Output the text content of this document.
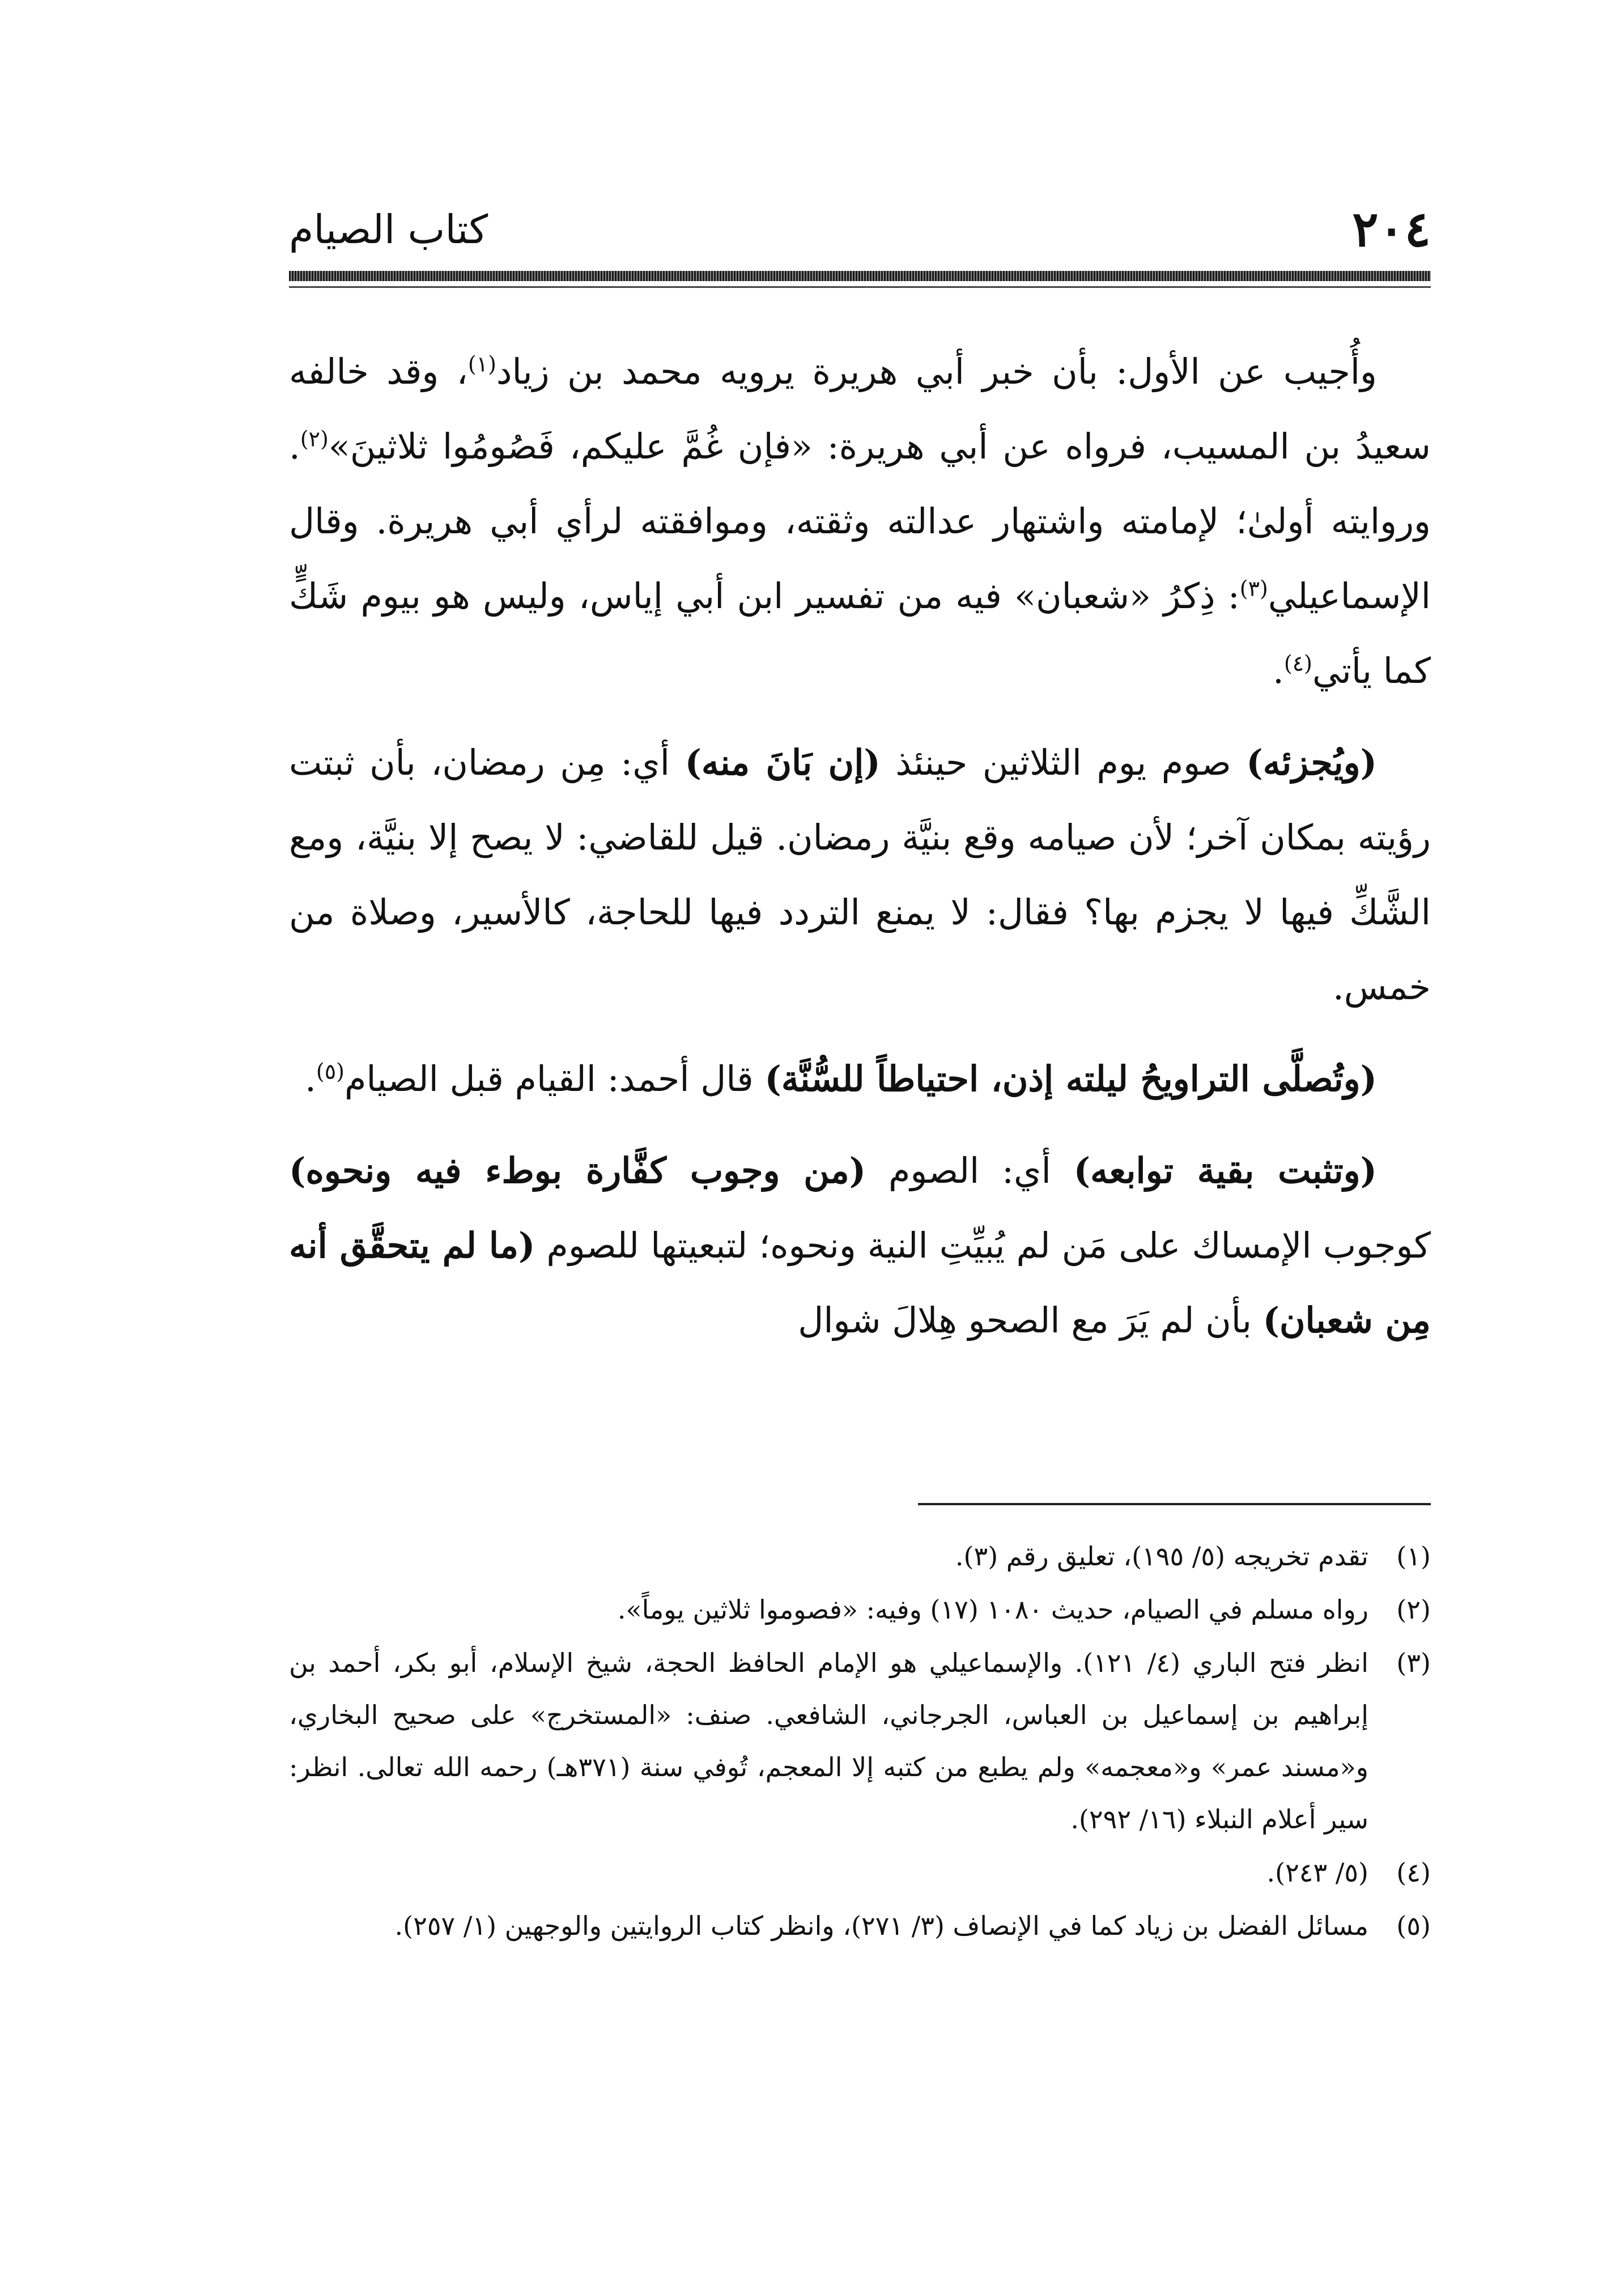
٢٠٤
كتاب الصيام

وأُجيب عن الأول: بأن خبر أبي هريرة يرويه محمد بن زياد$^{(١)}$، وقد خالفه سعيدُ بن المسيب، فرواه عن أبي هريرة: «فإن غُمَّ عليكم، فَصُومُوا ثلاثينَ»$^{(٢)}$. وروايته أولىٰ؛ لإمامته واشتهار عدالته وثقته، وموافقته لرأي أبي هريرة. وقال الإسماعيلي$^{(٣)}$: ذِكرُ «شعبان» فيه من تفسير ابن أبي إياس، وليس هو بيوم شَكٍّ كما يأتي$^{(٤)}$.

(ويُجزئه) صوم يوم الثلاثين حينئذ (إن بَانَ منه) أي: مِن رمضان، بأن ثبتت رؤيته بمكان آخر؛ لأن صيامه وقع بنيَّة رمضان. قيل للقاضي: لا يصح إلا بنيَّة، ومع الشَّكِّ فيها لا يجزم بها؟ فقال: لا يمنع التردد فيها للحاجة، كالأسير، وصلاة من خمس.

(وتُصلَّى التراويحُ ليلته إذن، احتياطاً للسُّنَّة) قال أحمد: القيام قبل الصيام$^{(٥)}$.

(وتثبت بقية توابعه) أي: الصوم (من وجوب كفَّارة بوطء فيه ونحوه) كوجوب الإمساك على مَن لم يُبيِّتِ النية ونحوه؛ لتبعيتها للصوم (ما لم يتحقَّق أنه مِن شعبان) بأن لم يَرَ مع الصحو هِلالَ شوال

(١)
تقدم تخريجه (٥/ ١٩٥)، تعليق رقم (٣).
(٢)
رواه مسلم في الصيام، حديث ١٠٨٠ (١٧) وفيه: «فصوموا ثلاثين يوماً».
(٣)
انظر فتح الباري (٤/ ١٢١). والإسماعيلي هو الإمام الحافظ الحجة، شيخ الإسلام، أبو بكر، أحمد بن إبراهيم بن إسماعيل بن العباس، الجرجاني، الشافعي. صنف: «المستخرج» على صحيح البخاري، و«مسند عمر» و«معجمه» ولم يطبع من كتبه إلا المعجم، تُوفي سنة (٣٧١هـ) رحمه الله تعالى. انظر: سير أعلام النبلاء (١٦/ ٢٩٢).
(٤)
(٥/ ٢٤٣).
(٥)
مسائل الفضل بن زياد كما في الإنصاف (٣/ ٢٧١)، وانظر كتاب الروايتين والوجهين (١/ ٢٥٧).
